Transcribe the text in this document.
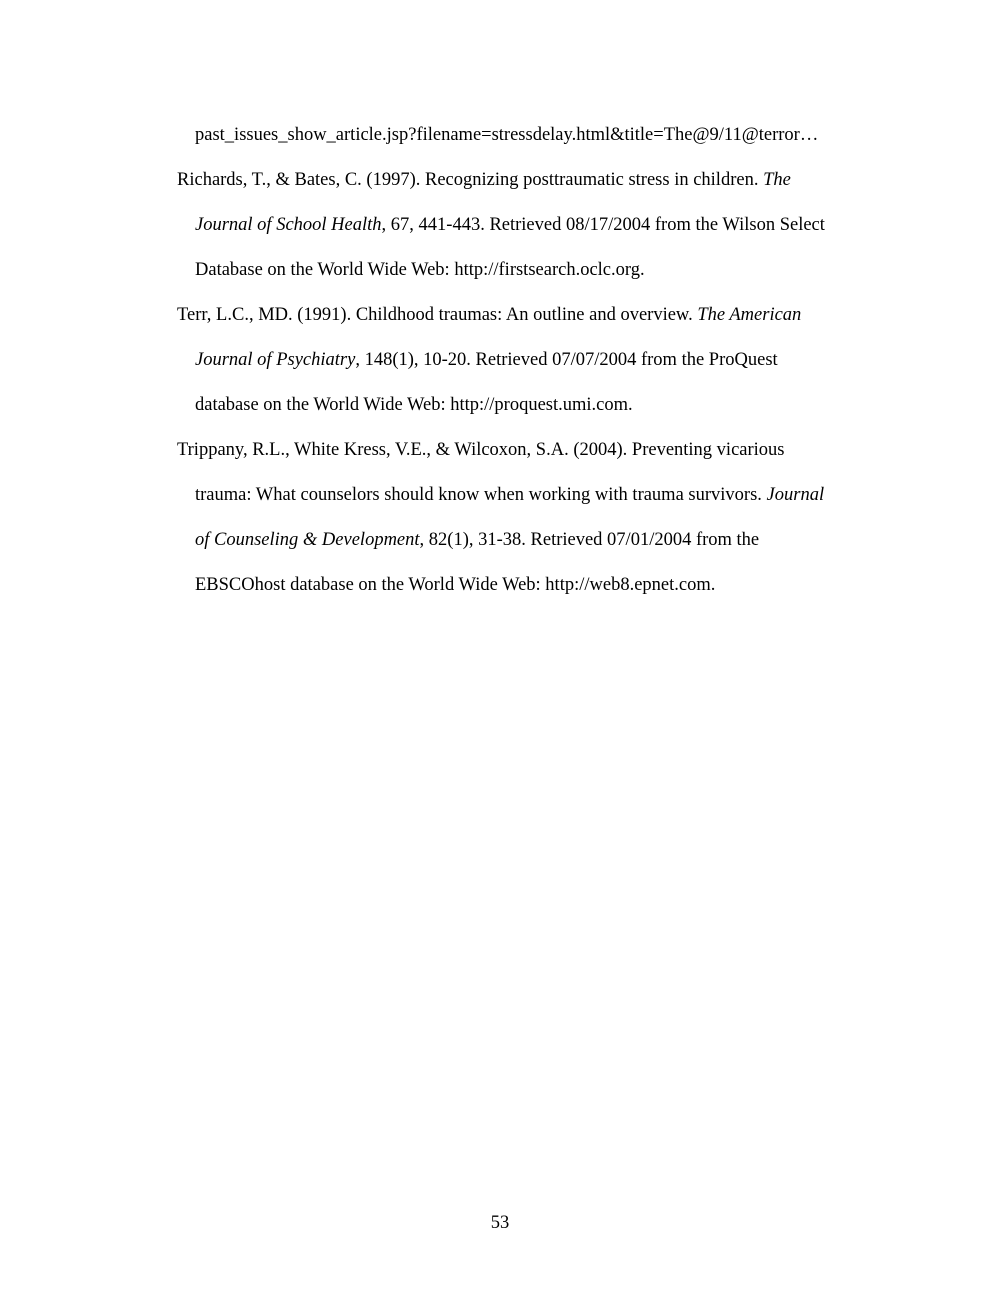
past_issues_show_article.jsp?filename=stressdelay.html&title=The@9/11@terror…
Richards, T., & Bates, C. (1997). Recognizing posttraumatic stress in children. The
Journal of School Health, 67, 441-443. Retrieved 08/17/2004 from the Wilson Select
Database on the World Wide Web: http://firstsearch.oclc.org.
Terr, L.C., MD. (1991). Childhood traumas: An outline and overview. The American
Journal of Psychiatry, 148(1), 10-20. Retrieved 07/07/2004 from the ProQuest
database on the World Wide Web: http://proquest.umi.com.
Trippany, R.L., White Kress, V.E., & Wilcoxon, S.A. (2004). Preventing vicarious
trauma: What counselors should know when working with trauma survivors. Journal
of Counseling & Development, 82(1), 31-38. Retrieved 07/01/2004 from the
EBSCOhost database on the World Wide Web: http://web8.epnet.com.
53
